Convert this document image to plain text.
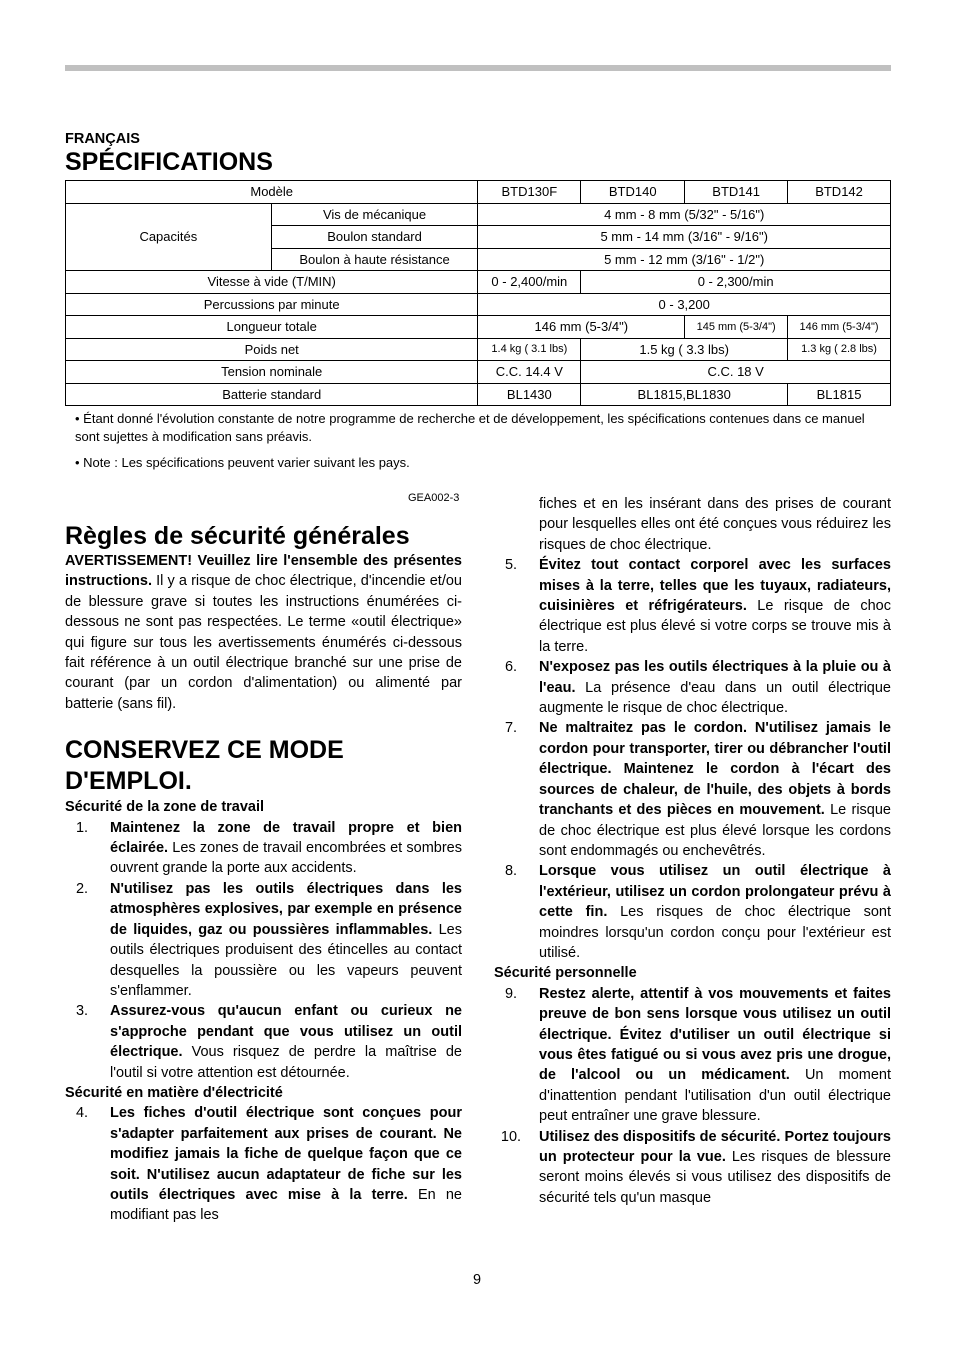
FRANÇAIS
SPÉCIFICATIONS
Modèle		BTD130F	BTD140	BTD141	BTD142
Capacités	Vis de mécanique	4 mm - 8 mm (5/32" - 5/16")			
	Boulon standard	5 mm - 14 mm (3/16" - 9/16")			
	Boulon à haute résistance	5 mm - 12 mm (3/16" - 1/2")			
Vitesse à vide (T/MIN)		0 - 2,400/min	0 - 2,300/min		
Percussions par minute		0 - 3,200			
Longueur totale		146 mm (5-3/4")		145 mm (5-3/4")	146 mm (5-3/4")
Poids net		1.4 kg ( 3.1 lbs)	1.5 kg ( 3.3 lbs)		1.3 kg ( 2.8 lbs)
Tension nominale		C.C. 14.4 V	C.C. 18 V		
Batterie standard		BL1430	BL1815,BL1830		BL1815

• Étant donné l'évolution constante de notre programme de recherche et de développement, les spécifications contenues dans ce manuel sont sujettes à modification sans préavis.

• Note : Les spécifications peuvent varier suivant les pays.

GEA002-3
Règles de sécurité générales

AVERTISSEMENT! Veuillez lire l'ensemble des présentes instructions. Il y a risque de choc électrique, d'incendie et/ou de blessure grave si toutes les instructions énumérées ci-dessous ne sont pas respectées. Le terme «outil électrique» qui figure sur tous les avertissements énumérés ci-dessous fait référence à un outil électrique branché sur une prise de courant (par un cordon d'alimentation) ou alimenté par batterie (sans fil).

CONSERVEZ CE MODE D'EMPLOI.
Sécurité de la zone de travail
1.	Maintenez la zone de travail propre et bien éclairée. Les zones de travail encombrées et sombres ouvrent grande la porte aux accidents.
2.	N'utilisez pas les outils électriques dans les atmosphères explosives, par exemple en présence de liquides, gaz ou poussières inflammables. Les outils électriques produisent des étincelles au contact desquelles la poussière ou les vapeurs peuvent s'enflammer.
3.	Assurez-vous qu'aucun enfant ou curieux ne s'approche pendant que vous utilisez un outil électrique. Vous risquez de perdre la maîtrise de l'outil si votre attention est détournée.
Sécurité en matière d'électricité
4.	Les fiches d'outil électrique sont conçues pour s'adapter parfaitement aux prises de courant. Ne modifiez jamais la fiche de quelque façon que ce soit. N'utilisez aucun adaptateur de fiche sur les outils électriques avec mise à la terre. En ne modifiant pas les

fiches et en les insérant dans des prises de courant pour lesquelles elles ont été conçues vous réduirez les risques de choc électrique.

5.	Évitez tout contact corporel avec les surfaces mises à la terre, telles que les tuyaux, radiateurs, cuisinières et réfrigérateurs. Le risque de choc électrique est plus élevé si votre corps se trouve mis à la terre.
6.	N'exposez pas les outils électriques à la pluie ou à l'eau. La présence d'eau dans un outil électrique augmente le risque de choc électrique.
7.	Ne maltraitez pas le cordon. N'utilisez jamais le cordon pour transporter, tirer ou débrancher l'outil électrique. Maintenez le cordon à l'écart des sources de chaleur, de l'huile, des objets à bords tranchants et des pièces en mouvement. Le risque de choc électrique est plus élevé lorsque les cordons sont endommagés ou enchevêtrés.
8.	Lorsque vous utilisez un outil électrique à l'extérieur, utilisez un cordon prolongateur prévu à cette fin. Les risques de choc électrique sont moindres lorsqu'un cordon conçu pour l'extérieur est utilisé.
Sécurité personnelle
9.	Restez alerte, attentif à vos mouvements et faites preuve de bon sens lorsque vous utilisez un outil électrique. Évitez d'utiliser un outil électrique si vous êtes fatigué ou si vous avez pris une drogue, de l'alcool ou un médicament. Un moment d'inattention pendant l'utilisation d'un outil électrique peut entraîner une grave blessure.
10.	Utilisez des dispositifs de sécurité. Portez toujours un protecteur pour la vue. Les risques de blessure seront moins élevés si vous utilisez des dispositifs de sécurité tels qu'un masque
9
